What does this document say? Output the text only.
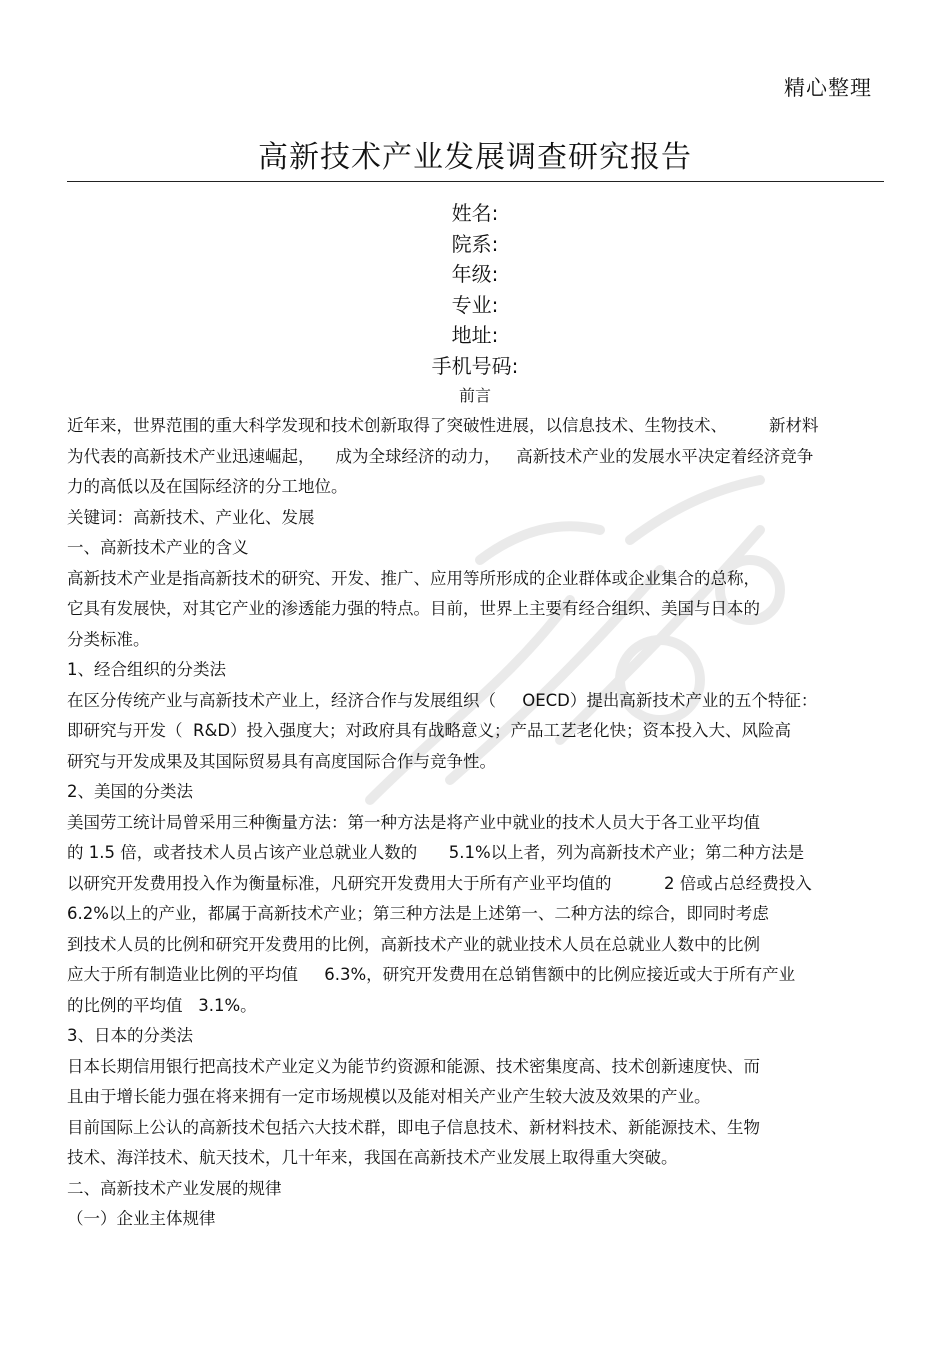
精心整理
高新技术产业发展调查研究报告
姓名:
院系:
年级:
专业:
地址:
手机号码:
前言
近年来，世界范围的重大科学发现和技术创新取得了突破性进展，以信息技术、生物技术、        新材料
为代表的高新技术产业迅速崛起，    成为全球经济的动力，   高新技术产业的发展水平决定着经济竞争
力的高低以及在国际经济的分工地位。
关键词：高新技术、产业化、发展
一、高新技术产业的含义
高新技术产业是指高新技术的研究、开发、推广、应用等所形成的企业群体或企业集合的总称，
它具有发展快，对其它产业的渗透能力强的特点。目前，世界上主要有经合组织、美国与日本的
分类标准。
1、经合组织的分类法
在区分传统产业与高新技术产业上，经济合作与发展组织（     OECD）提出高新技术产业的五个特征：
即研究与开发（  R&D）投入强度大；对政府具有战略意义；产品工艺老化快；资本投入大、风险高
研究与开发成果及其国际贸易具有高度国际合作与竞争性。
2、美国的分类法
美国劳工统计局曾采用三种衡量方法：第一种方法是将产业中就业的技术人员大于各工业平均值
的 1.5 倍，或者技术人员占该产业总就业人数的      5.1%以上者，列为高新技术产业；第二种方法是
以研究开发费用投入作为衡量标准，凡研究开发费用大于所有产业平均值的          2 倍或占总经费投入
6.2%以上的产业，都属于高新技术产业；第三种方法是上述第一、二种方法的综合，即同时考虑
到技术人员的比例和研究开发费用的比例，高新技术产业的就业技术人员在总就业人数中的比例
应大于所有制造业比例的平均值     6.3%，研究开发费用在总销售额中的比例应接近或大于所有产业
的比例的平均值   3.1%。
3、日本的分类法
日本长期信用银行把高技术产业定义为能节约资源和能源、技术密集度高、技术创新速度快、而
且由于增长能力强在将来拥有一定市场规模以及能对相关产业产生较大波及效果的产业。
目前国际上公认的高新技术包括六大技术群，即电子信息技术、新材料技术、新能源技术、生物
技术、海洋技术、航天技术，几十年来，我国在高新技术产业发展上取得重大突破。
二、高新技术产业发展的规律
（一）企业主体规律
